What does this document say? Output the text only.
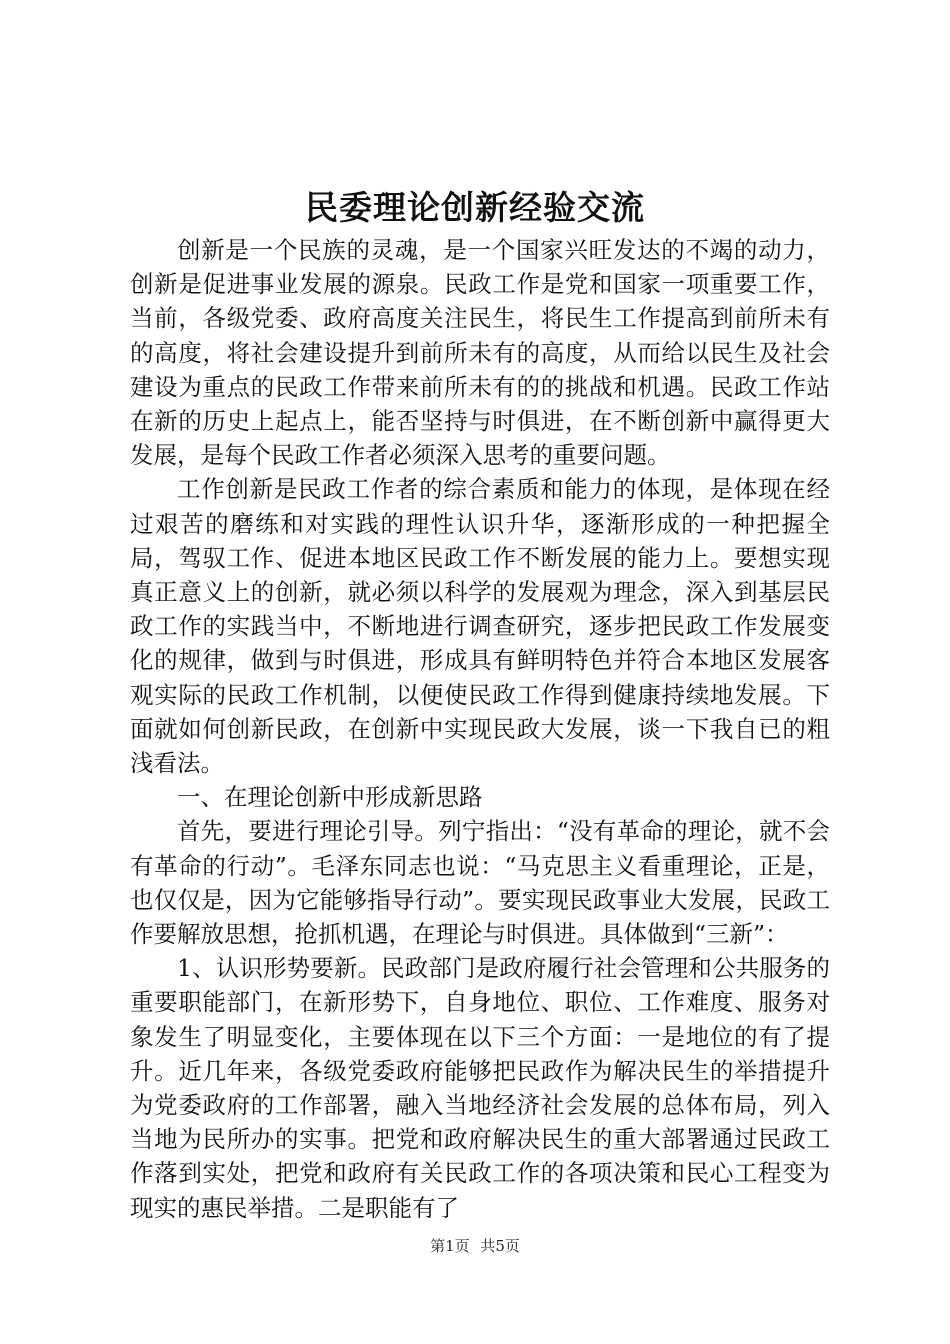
民委理论创新经验交流

创新是一个民族的灵魂，是一个国家兴旺发达的不竭的动力，创新是促进事业发展的源泉。民政工作是党和国家一项重要工作，当前，各级党委、政府高度关注民生，将民生工作提高到前所未有的高度，将社会建设提升到前所未有的高度，从而给以民生及社会建设为重点的民政工作带来前所未有的的挑战和机遇。民政工作站在新的历史上起点上，能否坚持与时俱进，在不断创新中赢得更大发展，是每个民政工作者必须深入思考的重要问题。

工作创新是民政工作者的综合素质和能力的体现，是体现在经过艰苦的磨练和对实践的理性认识升华，逐渐形成的一种把握全局，驾驭工作、促进本地区民政工作不断发展的能力上。要想实现真正意义上的创新，就必须以科学的发展观为理念，深入到基层民政工作的实践当中，不断地进行调查研究，逐步把民政工作发展变化的规律，做到与时俱进，形成具有鲜明特色并符合本地区发展客观实际的民政工作机制，以便使民政工作得到健康持续地发展。下面就如何创新民政，在创新中实现民政大发展，谈一下我自已的粗浅看法。

一、在理论创新中形成新思路

首先，要进行理论引导。列宁指出：“没有革命的理论，就不会有革命的行动”。毛泽东同志也说：“马克思主义看重理论，正是，也仅仅是，因为它能够指导行动”。要实现民政事业大发展，民政工作要解放思想，抢抓机遇，在理论与时俱进。具体做到“三新”：

1、认识形势要新。民政部门是政府履行社会管理和公共服务的重要职能部门，在新形势下，自身地位、职位、工作难度、服务对象发生了明显变化，主要体现在以下三个方面：一是地位的有了提升。近几年来，各级党委政府能够把民政作为解决民生的举措提升为党委政府的工作部署，融入当地经济社会发展的总体布局，列入当地为民所办的实事。把党和政府解决民生的重大部署通过民政工作落到实处，把党和政府有关民政工作的各项决策和民心工程变为现实的惠民举措。二是职能有了

第1页 共5页
